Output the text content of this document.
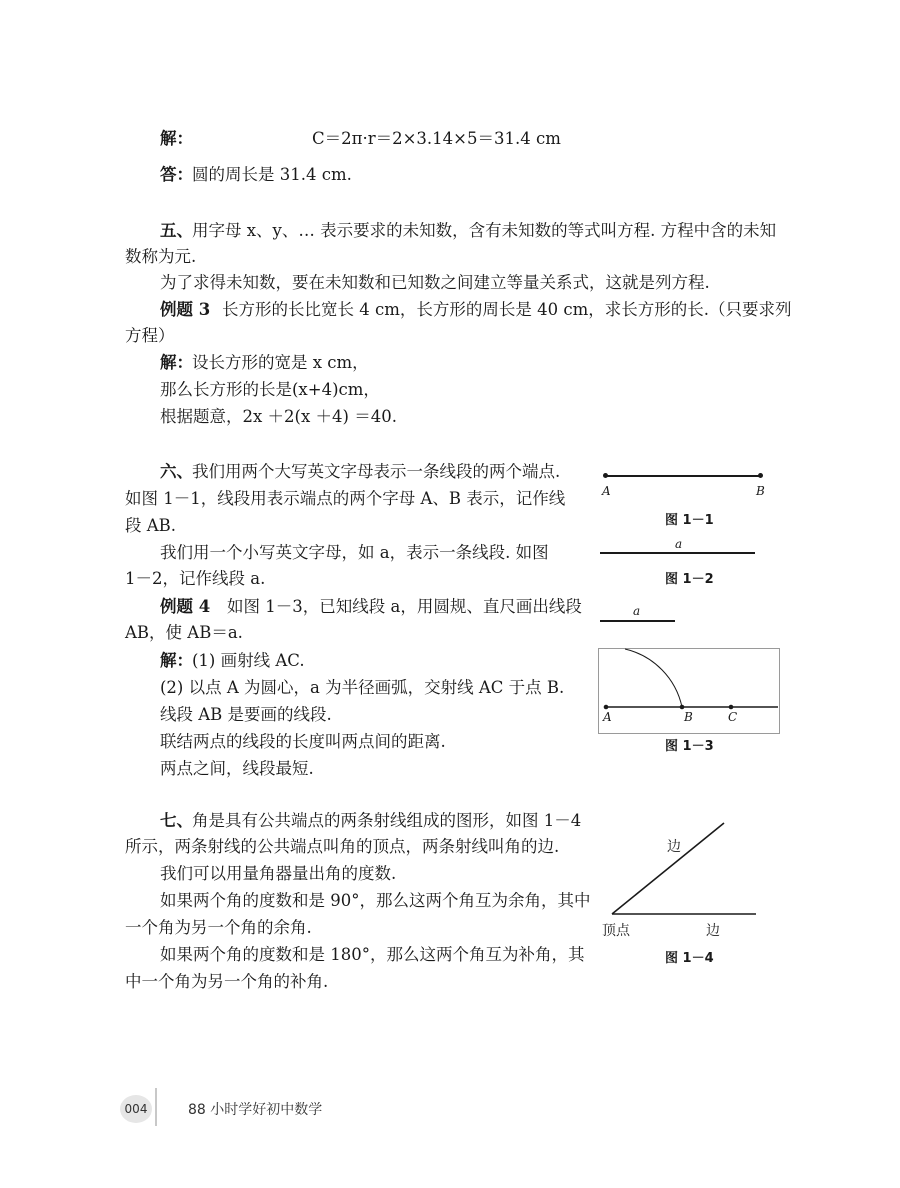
解：	C＝2π·r＝2×3.14×5＝31.4 cm
答： 圆的周长是 31.4 cm.
五、 用字母 x、y、… 表示要求的未知数，含有未知数的等式叫方程. 方程中含的未知
数称为元.
为了求得未知数，要在未知数和已知数之间建立等量关系式，这就是列方程.
例题 3 长方形的长比宽长 4 cm，长方形的周长是 40 cm，求长方形的长.（只要求列
方程）
解： 设长方形的宽是 x cm，
那么长方形的长是(x+4)cm，
根据题意，2x ＋2(x ＋4) ＝40.
六、 我们用两个大写英文字母表示一条线段的两个端点.
如图 1－1，线段用表示端点的两个字母 A、B 表示，记作线
段 AB.
我们用一个小写英文字母，如 a，表示一条线段. 如图
1－2，记作线段 a.
例题 4 如图 1－3，已知线段 a，用圆规、直尺画出线段
AB，使 AB＝a.
解： (1) 画射线 AC.
(2) 以点 A 为圆心，a 为半径画弧，交射线 AC 于点 B.
线段 AB 是要画的线段.
联结两点的线段的长度叫两点间的距离.
两点之间，线段最短.
七、 角是具有公共端点的两条射线组成的图形，如图 1－4
所示，两条射线的公共端点叫角的顶点，两条射线叫角的边.
我们可以用量角器量出角的度数.
如果两个角的度数和是 90°，那么这两个角互为余角，其中
一个角为另一个角的余角.
如果两个角的度数和是 180°，那么这两个角互为补角，其
中一个角为另一个角的补角.
A	B
图 1－1
a
图 1－2
a
A	B	C
图 1－3
边
顶点	边
图 1－4
004	88 小时学好初中数学
